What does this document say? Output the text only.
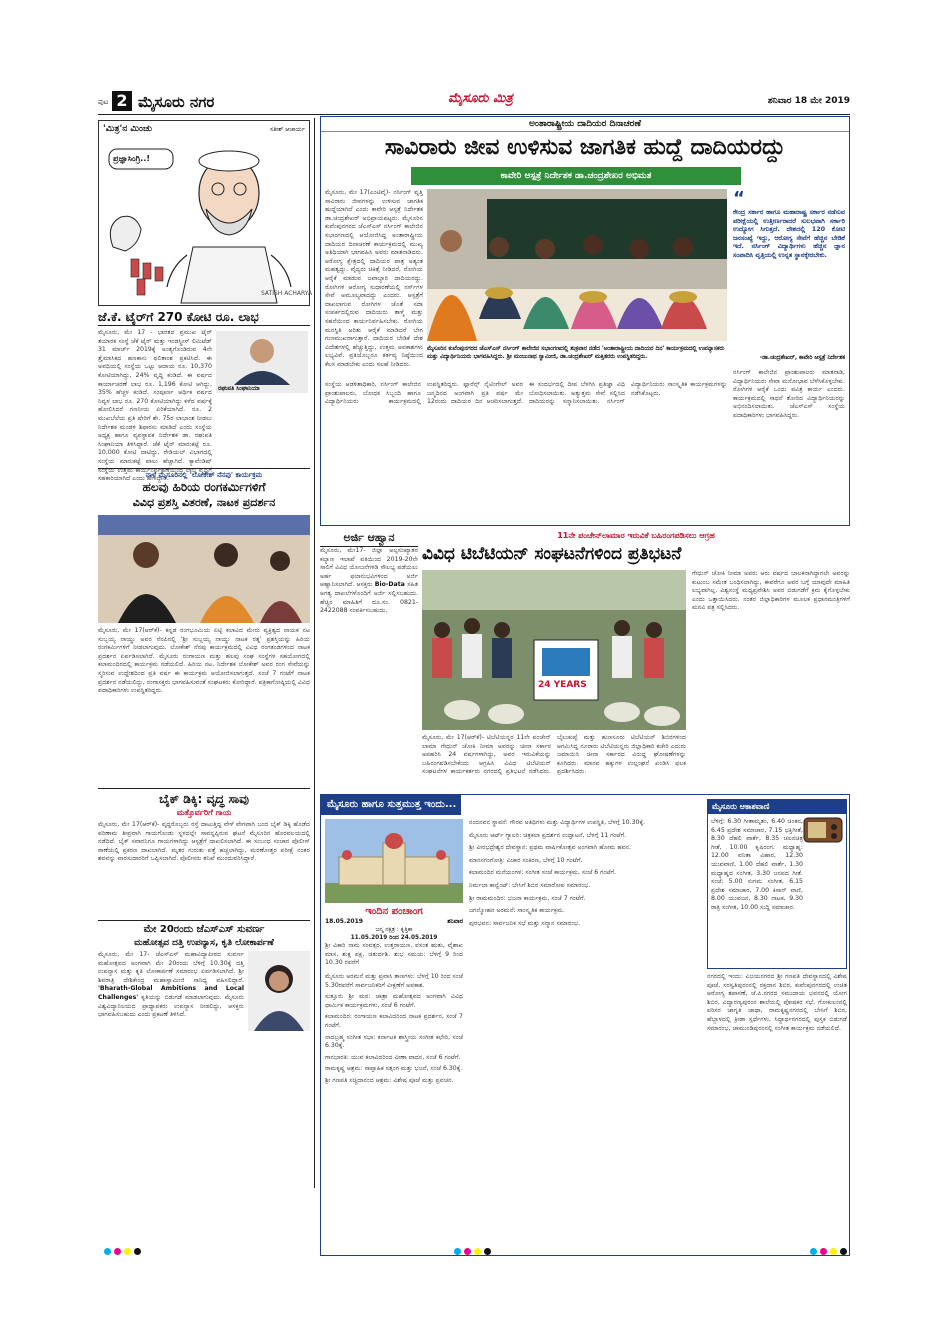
ಪುಟ 2 ಮೈಸೂರು ನಗರ	ಮೈಸೂರು ಮಿತ್ರ	ಶನಿವಾರ 18 ಮೇ 2019
'ಮಿತ್ರ'ನ ಮಿಂಚು	ಸತೀಶ್ ಆಚಾರ್ಯ
SATISH ACHARYA
ಪ್ರಜ್ಞಾಸಿಂಗ್ರಿ..!
ಜೆ.ಕೆ. ಟೈರ್‌ಗೆ 270 ಕೋಟಿ ರೂ. ಲಾಭ
ರಘುಪತಿ ಸಿಂಘಾನಿಯಾ
ಮೈಸೂರು, ಮೇ 17 - ಭಾರತದ ಪ್ರಮುಖ ಟೈರ್ ತಯಾರಕ ಸಂಸ್ಥೆ ಜೆಕೆ ಟೈರ್ ಮತ್ತು ಇಂಡಸ್ಟ್ರೀಸ್ ಲಿಮಿಟೆಡ್ 31 ಮಾರ್ಚ್ 2019ಕ್ಕೆ ಅಂತ್ಯಗೊಂಡಿರುವ 4ನೇ ತ್ರೈಮಾಸಿಕದ ಹಣಕಾಸು ಫಲಿತಾಂಶ ಪ್ರಕಟಿಸಿದೆ. ಈ ಅವಧಿಯಲ್ಲಿ ಸಂಸ್ಥೆಯ ಒಟ್ಟು ಆದಾಯ ರೂ. 10,370 ಕೋಟಿಯಾಗಿದ್ದು, 24% ವೃದ್ಧಿ ಕಂಡಿದೆ. ಈ ವರ್ಷದ ಕಾರ್ಯಾಚರಣೆ ಲಾಭ ರೂ. 1,196 ಕೋಟಿ ಆಗಿದ್ದು, 35% ಹೆಚ್ಚಳ ಕಂಡಿದೆ. ಸಂಪೂರ್ಣ ಆರ್ಥಿಕ ವರ್ಷದ ನಿವ್ವಳ ಲಾಭ ರೂ. 270 ಕೋಟಿಯಾಗಿದ್ದು ಕಳೆದ ವರ್ಷಕ್ಕೆ ಹೋಲಿಸಿದರೆ ಗಣನೀಯ ಏರಿಕೆಯಾಗಿದೆ. ರೂ. 2 ಮುಖಬೆಲೆಯ ಪ್ರತಿ ಷೇರಿಗೆ ಶೇ. 75ರ ಲಾಭಾಂಶ ನೀಡಲು ನಿರ್ದೇಶಕ ಮಂಡಳಿ ಶಿಫಾರಸು ಮಾಡಿದೆ ಎಂದು ಸಂಸ್ಥೆಯ ಅಧ್ಯಕ್ಷ ಹಾಗೂ ವ್ಯವಸ್ಥಾಪಕ ನಿರ್ದೇಶಕ ಡಾ. ರಘುಪತಿ ಸಿಂಘಾನಿಯಾ ತಿಳಿಸಿದ್ದಾರೆ. ಜೆಕೆ ಟೈರ್ ಮಾರುಕಟ್ಟೆ ರೂ. 10,000 ಕೋಟಿ ದಾಟಿದ್ದು, ರೇಡಿಯಲ್ ವಿಭಾಗದಲ್ಲಿ ಸಂಸ್ಥೆಯ ಮಾರುಕಟ್ಟೆ ಪಾಲು ಹೆಚ್ಚಾಗಿದೆ. ಕ್ಯಾವೆಂಡಿಷ್ ಸಂಸ್ಥೆಯ ಉತ್ತಮ ಕಾರ್ಯನಿರ್ವಹಣೆಯಿಂದ ಲಾಭ ವೃದ್ಧಿಗೆ ಸಹಕಾರಿಯಾಗಿದೆ ಎಂದು ಹೇಳಿದ್ದಾರೆ.
ನಾಳೆ ಮೈಸೂರಿನಲ್ಲಿ 'ಲೋಕೇಶ್ ನೆನಪು' ಕಾರ್ಯಕ್ರಮ
ಹಲವು ಹಿರಿಯ ರಂಗಕರ್ಮಿಗಳಿಗೆ
ವಿವಿಧ ಪ್ರಶಸ್ತಿ ವಿತರಣೆ, ನಾಟಕ ಪ್ರದರ್ಶನ
ಮೈಸೂರು, ಮೇ 17(ಆರ್‌ಕೆ)- ಕನ್ನಡ ರಂಗಭೂಮಿಯ ಏಟ್ಟಿ ಕಲಾವಿದ ಮೇರು ವ್ಯಕ್ತಿತ್ವದ ನಾಯಕ ನಟ ಸುಬ್ಬಯ್ಯ ನಾಯ್ಡು ಅವರ ನೆನಪಿನಲ್ಲಿ 'ಶ್ರೀ ಸುಬ್ಬಯ್ಯ ನಾಯ್ಡು ನಾಟಕ ರತ್ನ' ಪ್ರಶಸ್ತಿಯನ್ನು ಹಿರಿಯ ರಂಗಕರ್ಮಿಗಳಿಗೆ ನೀಡಲಾಗುವುದು. ಲೋಕೇಶ್ ನೆನಪು ಕಾರ್ಯಕ್ರಮದಲ್ಲಿ ವಿವಿಧ ರಂಗತಂಡಗಳಿಂದ ನಾಟಕ ಪ್ರದರ್ಶನ ಏರ್ಪಡಿಸಲಾಗಿದೆ. ಮೈಸೂರು ರಂಗಾಯಣ ಮತ್ತು ಹಲವು ಸಂಘ ಸಂಸ್ಥೆಗಳ ಸಹಯೋಗದಲ್ಲಿ ಕಲಾಮಂದಿರದಲ್ಲಿ ಕಾರ್ಯಕ್ರಮ ನಡೆಯಲಿದೆ. ಹಿರಿಯ ನಟ, ನಿರ್ದೇಶಕ ಲೋಕೇಶ್ ಅವರ ರಂಗ ಸೇವೆಯನ್ನು ಸ್ಮರಿಸುವ ಉದ್ದೇಶದಿಂದ ಪ್ರತಿ ವರ್ಷ ಈ ಕಾರ್ಯಕ್ರಮ ಆಯೋಜಿಸಲಾಗುತ್ತದೆ. ಸಂಜೆ 7 ಗಂಟೆಗೆ ನಾಟಕ ಪ್ರದರ್ಶನ ನಡೆಯಲಿದ್ದು, ರಂಗಾಸಕ್ತರು ಭಾಗವಹಿಸುವಂತೆ ಸಂಘಟಕರು ಕೋರಿದ್ದಾರೆ. ಪತ್ರಿಕಾಗೋಷ್ಠಿಯಲ್ಲಿ ವಿವಿಧ ಪದಾಧಿಕಾರಿಗಳು ಉಪಸ್ಥಿತರಿದ್ದರು.
ಬೈಕ್ ಡಿಕ್ಕಿ: ವೃದ್ಧ ಸಾವು
ಮತ್ತೊರ್ವರಿಗೆ ಗಾಯ
ಮೈಸೂರು, ಮೇ 17(ಆರ್‌ಕೆ)- ವೃದ್ಧರೊಬ್ಬರು ರಸ್ತೆ ದಾಟುತ್ತಿದ್ದ ವೇಳೆ ವೇಗವಾಗಿ ಬಂದ ಬೈಕ್ ಡಿಕ್ಕಿ ಹೊಡೆದ ಪರಿಣಾಮ ತೀವ್ರವಾಗಿ ಗಾಯಗೊಂಡು ಸ್ಥಳದಲ್ಲೇ ಸಾವನ್ನಪ್ಪಿರುವ ಘಟನೆ ಮೈಸೂರಿನ ಹೊರವಲಯದಲ್ಲಿ ನಡೆದಿದೆ. ಬೈಕ್ ಸವಾರನಿಗೂ ಗಾಯಗಳಾಗಿದ್ದು ಆಸ್ಪತ್ರೆಗೆ ದಾಖಲಿಸಲಾಗಿದೆ. ಈ ಸಂಬಂಧ ಸಂಚಾರ ಪೊಲೀಸ್ ಠಾಣೆಯಲ್ಲಿ ಪ್ರಕರಣ ದಾಖಲಾಗಿದೆ. ಮೃತರ ಗುರುತು ಪತ್ತೆ ಹಚ್ಚಲಾಗಿದ್ದು, ಮರಣೋತ್ತರ ಪರೀಕ್ಷೆ ನಂತರ ಶವವನ್ನು ವಾರಸುದಾರರಿಗೆ ಒಪ್ಪಿಸಲಾಗಿದೆ. ಪೊಲೀಸರು ತನಿಖೆ ಮುಂದುವರಿಸಿದ್ದಾರೆ.
ಮೇ 20ರಂದು ಜೆಎಸ್‌ಎಸ್ ಸುವರ್ಣ
ಮಹೋತ್ಸವ ದತ್ತಿ ಉಪನ್ಯಾಸ, ಕೃತಿ ಲೋಕಾರ್ಪಣೆ
ಮೈಸೂರು, ಮೇ 17- ಜೆಎಸ್‌ಎಸ್ ಮಹಾವಿದ್ಯಾಪೀಠದ ಸುವರ್ಣ ಮಹೋತ್ಸವದ ಅಂಗವಾಗಿ ಮೇ 20ರಂದು ಬೆಳಿಗ್ಗೆ 10.30ಕ್ಕೆ ದತ್ತಿ ಉಪನ್ಯಾಸ ಮತ್ತು ಕೃತಿ ಲೋಕಾರ್ಪಣೆ ಸಮಾರಂಭ ಏರ್ಪಡಿಸಲಾಗಿದೆ. ಶ್ರೀ ಶಿವರಾತ್ರಿ ದೇಶಿಕೇಂದ್ರ ಮಹಾಸ್ವಾಮೀಜಿ ಸಾನಿಧ್ಯ ವಹಿಸಲಿದ್ದಾರೆ. 'Bharath-Global Ambitions and Local Challenges' ಕೃತಿಯನ್ನು ಬಿಡುಗಡೆ ಮಾಡಲಾಗುವುದು. ಮೈಸೂರು ವಿಶ್ವವಿದ್ಯಾನಿಲಯದ ಪ್ರಾಧ್ಯಾಪಕರು ಉಪನ್ಯಾಸ ನೀಡಲಿದ್ದು, ಆಸಕ್ತರು ಭಾಗವಹಿಸಬಹುದು ಎಂದು ಪ್ರಕಟಣೆ ತಿಳಿಸಿದೆ.
ಅಂತಾರಾಷ್ಟ್ರೀಯ ದಾದಿಯರ ದಿನಾಚರಣೆ
ಸಾವಿರಾರು ಜೀವ ಉಳಿಸುವ ಜಾಗತಿಕ ಹುದ್ದೆ ದಾದಿಯರದ್ದು
ಕಾವೇರಿ ಆಸ್ಪತ್ರೆ ನಿರ್ದೇಶಕ ಡಾ.ಚಂದ್ರಶೇಖರ ಅಭಿಮತ
ಮೈಸೂರು, ಮೇ 17(ಎಂಟಿವೈ)- ನರ್ಸಿಂಗ್ ವೃತ್ತಿ ಸಾವಿರಾರು ಜೀವಗಳನ್ನು ಉಳಿಸುವ ಜಾಗತಿಕ ಹುದ್ದೆಯಾಗಿದೆ ಎಂದು ಕಾವೇರಿ ಆಸ್ಪತ್ರೆ ನಿರ್ದೇಶಕ ಡಾ.ಚಂದ್ರಶೇಖರ್ ಅಭಿಪ್ರಾಯಪಟ್ಟರು. ಮೈಸೂರಿನ ಕುವೆಂಪುನಗರದ ಜೆಎಸ್‌ಎಸ್ ನರ್ಸಿಂಗ್ ಕಾಲೇಜಿನ ಸಭಾಂಗಣದಲ್ಲಿ ಆಯೋಜಿಸಿದ್ದ ಅಂತಾರಾಷ್ಟ್ರೀಯ ದಾದಿಯರ ದಿನಾಚರಣೆ ಕಾರ್ಯಕ್ರಮದಲ್ಲಿ ಮುಖ್ಯ ಅತಿಥಿಯಾಗಿ ಭಾಗವಹಿಸಿ ಅವರು ಮಾತನಾಡಿದರು. ಆರೋಗ್ಯ ಕ್ಷೇತ್ರದಲ್ಲಿ ದಾದಿಯರ ಪಾತ್ರ ಅತ್ಯಂತ ಮಹತ್ವದ್ದು. ವೈದ್ಯರು ಚಿಕಿತ್ಸೆ ನೀಡಿದರೆ, ರೋಗಿಯ ಆರೈಕೆ ಮಾಡುವ ಜವಾಬ್ದಾರಿ ದಾದಿಯರದ್ದು. ರೋಗಿಗಳ ಆರೋಗ್ಯ ಸುಧಾರಣೆಯಲ್ಲಿ ನರ್ಸ್‌ಗಳ ಸೇವೆ ಅಮೂಲ್ಯವಾದದ್ದು ಎಂದರು. ಆಸ್ಪತ್ರೆಗೆ ದಾಖಲಾಗುವ ರೋಗಿಗಳ ಜೊತೆ ಸದಾ ಸಂಪರ್ಕದಲ್ಲಿರುವ ದಾದಿಯರು ತಾಳ್ಮೆ ಮತ್ತು ಸಹನೆಯಿಂದ ಕಾರ್ಯನಿರ್ವಹಿಸಬೇಕು. ರೋಗಿಯ ಮನಸ್ಥಿತಿ ಅರಿತು ಆರೈಕೆ ಮಾಡಿದರೆ ಬೇಗ ಗುಣಮುಖರಾಗುತ್ತಾರೆ. ದಾದಿಯರ ಬೇಡಿಕೆ ದೇಶ ವಿದೇಶಗಳಲ್ಲಿ ಹೆಚ್ಚುತ್ತಿದ್ದು, ಉತ್ತಮ ಅವಕಾಶಗಳು ಲಭ್ಯವಿವೆ. ಪ್ರತಿಯೊಬ್ಬರೂ ಕರ್ತವ್ಯ ನಿಷ್ಠೆಯಿಂದ ಕೆಲಸ ಮಾಡಬೇಕು ಎಂದು ಸಲಹೆ ನೀಡಿದರು.
ಮೈಸೂರಿನ ಕುವೆಂಪುನಗರದ ಜೆಎಸ್‌ಎಸ್ ನರ್ಸಿಂಗ್ ಕಾಲೇಜಿನ ಸಭಾಂಗಣದಲ್ಲಿ ಶುಕ್ರವಾರ ನಡೆದ 'ಅಂತಾರಾಷ್ಟ್ರೀಯ ದಾದಿಯರ ದಿನ' ಕಾರ್ಯಕ್ರಮದಲ್ಲಿ ಉಪನ್ಯಾಸಕರು ಮತ್ತು ವಿದ್ಯಾರ್ಥಿನಿಯರು ಭಾಗವಹಿಸಿದ್ದರು. ಶ್ರೀ ಮಂಜುನಾಥ ಸ್ವಾಮೀಜಿ, ಡಾ.ಚಂದ್ರಶೇಖರ್ ಮತ್ತಿತರರು ಉಪಸ್ಥಿತರಿದ್ದರು.
ಸಂಸ್ಥೆಯ ಆಡಳಿತಾಧಿಕಾರಿ, ನರ್ಸಿಂಗ್ ಕಾಲೇಜಿನ ಪ್ರಾಂಶುಪಾಲರು, ಬೋಧಕ ಸಿಬ್ಬಂದಿ ಹಾಗೂ ವಿದ್ಯಾರ್ಥಿನಿಯರು ಕಾರ್ಯಕ್ರಮದಲ್ಲಿ ಉಪಸ್ಥಿತರಿದ್ದರು. ಫ್ಲಾರೆನ್ಸ್ ನೈಟಿಂಗೇಲ್ ಅವರ ಜನ್ಮದಿನದ ಅಂಗವಾಗಿ ಪ್ರತಿ ವರ್ಷ ಮೇ 12ರಂದು ದಾದಿಯರ ದಿನ ಆಚರಿಸಲಾಗುತ್ತದೆ. ಈ ಸಂದರ್ಭದಲ್ಲಿ ದೀಪ ಬೆಳಗಿಸಿ ಪ್ರತಿಜ್ಞಾ ವಿಧಿ ಬೋಧಿಸಲಾಯಿತು. ಅತ್ಯುತ್ತಮ ಸೇವೆ ಸಲ್ಲಿಸಿದ ದಾದಿಯರನ್ನು ಸನ್ಮಾನಿಸಲಾಯಿತು. ನರ್ಸಿಂಗ್ ವಿದ್ಯಾರ್ಥಿನಿಯರು ಸಾಂಸ್ಕೃತಿಕ ಕಾರ್ಯಕ್ರಮಗಳನ್ನು ನಡೆಸಿಕೊಟ್ಟರು.
“
ಕೇಂದ್ರ ಸರ್ಕಾರ ಹಾಗೂ ಮಹಾರಾಷ್ಟ್ರ ಸರ್ಕಾರ ನಡೆಸುವ ಪರೀಕ್ಷೆಯಲ್ಲಿ ಉತ್ತೀರ್ಣರಾದರೆ ಸುಲಭವಾಗಿ ಸರ್ಕಾರಿ ಉದ್ಯೋಗ ಸಿಗುತ್ತದೆ. ದೇಶದಲ್ಲಿ 120 ಕೋಟಿ ಜನಸಂಖ್ಯೆ ಇದ್ದು, ಆರೋಗ್ಯ ಸೇವೆಗೆ ಹೆಚ್ಚಿನ ಬೇಡಿಕೆ ಇದೆ. ನರ್ಸಿಂಗ್ ವಿದ್ಯಾರ್ಥಿಗಳು ಹೆಚ್ಚಿನ ಜ್ಞಾನ ಸಂಪಾದಿಸಿ ವೃತ್ತಿಯಲ್ಲಿ ಉನ್ನತ ಸ್ಥಾನಕ್ಕೇರಬೇಕು.
-ಡಾ.ಚಂದ್ರಶೇಖರ್, ಕಾವೇರಿ ಆಸ್ಪತ್ರೆ ನಿರ್ದೇಶಕ
ನರ್ಸಿಂಗ್ ಕಾಲೇಜಿನ ಪ್ರಾಂಶುಪಾಲರು ಮಾತನಾಡಿ, ವಿದ್ಯಾರ್ಥಿನಿಯರು ಸೇವಾ ಮನೋಭಾವ ಬೆಳೆಸಿಕೊಳ್ಳಬೇಕು. ರೋಗಿಗಳ ಆರೈಕೆ ಒಂದು ಪವಿತ್ರ ಕಾರ್ಯ ಎಂದರು. ಕಾರ್ಯಕ್ರಮದಲ್ಲಿ ಸಾಧನೆ ತೋರಿದ ವಿದ್ಯಾರ್ಥಿನಿಯರನ್ನು ಅಭಿನಂದಿಸಲಾಯಿತು. ಜೆಎಸ್‌ಎಸ್ ಸಂಸ್ಥೆಯ ಪದಾಧಿಕಾರಿಗಳು ಭಾಗವಹಿಸಿದ್ದರು.
ಅರ್ಜಿ ಆಹ್ವಾನ
ಮೈಸೂರು, ಮೇ17- ಜಿಲ್ಲಾ ಅಲ್ಪಸಂಖ್ಯಾತರ ಕಲ್ಯಾಣ ಇಲಾಖೆ ವತಿಯಿಂದ 2019-20ನೇ ಸಾಲಿಗೆ ವಿವಿಧ ಯೋಜನೆಗಳಡಿ ಸೌಲಭ್ಯ ಪಡೆಯಲು ಅರ್ಹ ಫಲಾನುಭವಿಗಳಿಂದ ಅರ್ಜಿ ಆಹ್ವಾನಿಸಲಾಗಿದೆ. ಆಸಕ್ತರು Bio-Data ಸಹಿತ ಅಗತ್ಯ ದಾಖಲೆಗಳೊಂದಿಗೆ ಅರ್ಜಿ ಸಲ್ಲಿಸಬಹುದು. ಹೆಚ್ಚಿನ ಮಾಹಿತಿಗೆ ದೂ.ಸಂ. 0821-2422088 ಸಂಪರ್ಕಿಸಬಹುದು.
11ನೇ ಪಂಚೇನ್‌ಲಾಮಾರ ಇರುವಿಕೆ ಬಹಿರಂಗಪಡಿಸಲು ಆಗ್ರಹ
ವಿವಿಧ ಟಿಬೆಟಿಯನ್ ಸಂಘಟನೆಗಳಿಂದ ಪ್ರತಿಭಟನೆ
24 YEARS
ಮೈಸೂರು, ಮೇ 17(ಆರ್‌ಕೆ)- ಟಿಬೆಟಿಯನ್ನರ 11ನೇ ಪಂಚೇನ್ ಲಾಮಾ ಗೇಧುನ್ ಚೋಕಿ ನೀಮಾ ಅವರನ್ನು ಚೀನಾ ಸರ್ಕಾರ ಅಪಹರಿಸಿ 24 ವರ್ಷಗಳಾಗಿದ್ದು, ಅವರ ಇರುವಿಕೆಯನ್ನು ಬಹಿರಂಗಪಡಿಸಬೇಕೆಂದು ಆಗ್ರಹಿಸಿ ವಿವಿಧ ಟಿಬೆಟಿಯನ್ ಸಂಘಟನೆಗಳ ಕಾರ್ಯಕರ್ತರು ನಗರದಲ್ಲಿ ಪ್ರತಿಭಟನೆ ನಡೆಸಿದರು. ಬೈಲುಕುಪ್ಪೆ ಮತ್ತು ಹುಣಸೂರು ಟಿಬೆಟಿಯನ್ ಶಿಬಿರಗಳಿಂದ ಆಗಮಿಸಿದ್ದ ನೂರಾರು ಟಿಬೆಟಿಯನ್ನರು ಜಿಲ್ಲಾಧಿಕಾರಿ ಕಚೇರಿ ಎದುರು ಜಮಾಯಿಸಿ ಚೀನಾ ಸರ್ಕಾರದ ವಿರುದ್ಧ ಘೋಷಣೆಗಳನ್ನು ಕೂಗಿದರು. ಮಾನವ ಹಕ್ಕುಗಳ ಉಲ್ಲಂಘನೆ ಖಂಡಿಸಿ ಫಲಕ ಪ್ರದರ್ಶಿಸಿದರು.
ಗೇಧುನ್ ಚೋಕಿ ನೀಮಾ ಅವರು ಆರು ವರ್ಷದ ಬಾಲಕನಾಗಿದ್ದಾಗಲೇ ಅವರನ್ನು ಕುಟುಂಬ ಸಮೇತ ಬಂಧಿಸಲಾಗಿದ್ದು, ಈವರೆಗೂ ಅವರ ಬಗ್ಗೆ ಯಾವುದೇ ಮಾಹಿತಿ ಲಭ್ಯವಾಗಿಲ್ಲ. ವಿಶ್ವಸಂಸ್ಥೆ ಮಧ್ಯಪ್ರವೇಶಿಸಿ ಅವರ ಬಿಡುಗಡೆಗೆ ಕ್ರಮ ಕೈಗೊಳ್ಳಬೇಕು ಎಂದು ಒತ್ತಾಯಿಸಿದರು. ನಂತರ ಜಿಲ್ಲಾಧಿಕಾರಿಗಳ ಮೂಲಕ ಪ್ರಧಾನಮಂತ್ರಿಗಳಿಗೆ ಮನವಿ ಪತ್ರ ಸಲ್ಲಿಸಿದರು.
ಮೈಸೂರು ಹಾಗೂ ಸುತ್ತಮುತ್ತ ಇಂದು...
ಇಂದಿನ ಪಂಚಾಂಗ
18.05.2019	ಶನಿವಾರ
ಜನ್ಮ ನಕ್ಷತ್ರ : ಕೃತ್ತಿಕಾ
11.05.2019 ರಿಂದ 24.05.2019
ಶ್ರೀ ವಿಕಾರಿ ನಾಮ ಸಂವತ್ಸರ, ಉತ್ತರಾಯಣ, ವಸಂತ ಋತು, ವೈಶಾಖ ಮಾಸ, ಶುಕ್ಲ ಪಕ್ಷ, ಚತುರ್ದಶಿ. ಶುಭ ಸಮಯ: ಬೆಳಗ್ಗೆ 9 ರಿಂದ 10.30 ರವರೆಗೆ
ಮೈಸೂರು ಅರಮನೆ ಮತ್ತು ಪ್ರವಾಸಿ ತಾಣಗಳು: ಬೆಳಗ್ಗೆ 10 ರಿಂದ ಸಂಜೆ 5.30ರವರೆಗೆ ಸಾರ್ವಜನಿಕರಿಗೆ ವೀಕ್ಷಣೆಗೆ ಅವಕಾಶ.
ಸುತ್ತೂರು ಶ್ರೀ ಮಠ: ಜಾತ್ರಾ ಮಹೋತ್ಸವದ ಅಂಗವಾಗಿ ವಿವಿಧ ಧಾರ್ಮಿಕ ಕಾರ್ಯಕ್ರಮಗಳು, ಸಂಜೆ 6 ಗಂಟೆಗೆ.
ಕಲಾಮಂದಿರ: ರಂಗಾಯಣ ಕಲಾವಿದರಿಂದ ನಾಟಕ ಪ್ರದರ್ಶನ, ಸಂಜೆ 7 ಗಂಟೆಗೆ.
ನಾದಬ್ರಹ್ಮ ಸಂಗೀತ ಸಭಾ: ಕರ್ನಾಟಕ ಶಾಸ್ತ್ರೀಯ ಸಂಗೀತ ಕಛೇರಿ, ಸಂಜೆ 6.30ಕ್ಕೆ.
ಗಾನಭಾರತಿ: ಯುವ ಕಲಾವಿದರಿಂದ ವೀಣಾ ವಾದನ, ಸಂಜೆ 6 ಗಂಟೆಗೆ.
ರಾಮಕೃಷ್ಣ ಆಶ್ರಮ: ಸಾಪ್ತಾಹಿಕ ಸತ್ಸಂಗ ಮತ್ತು ಭಜನೆ, ಸಂಜೆ 6.30ಕ್ಕೆ.
ಶ್ರೀ ಗಣಪತಿ ಸಚ್ಚಿದಾನಂದ ಆಶ್ರಮ: ವಿಶೇಷ ಪೂಜೆ ಮತ್ತು ಪ್ರವಚನ.
ನಂದನವನ ಸ್ಥಾಪನೆ: ಗೌರವ ಅತಿಥಿಗಳು ಮತ್ತು ವಿದ್ಯಾರ್ಥಿಗಳ ಉಪಸ್ಥಿತಿ, ಬೆಳಗ್ಗೆ 10.30ಕ್ಕೆ.
ಮೈಸೂರು ಆರ್ಟ್ ಗ್ಯಾಲರಿ: ಚಿತ್ರಕಲಾ ಪ್ರದರ್ಶನ ಉದ್ಘಾಟನೆ, ಬೆಳಗ್ಗೆ 11 ಗಂಟೆಗೆ.
ಶ್ರೀ ವೀರಭದ್ರೇಶ್ವರ ದೇವಸ್ಥಾನ: ಪ್ರಥಮ ವಾರ್ಷಿಕೋತ್ಸವ ಅಂಗವಾಗಿ ಹೋಮ ಹವನ.
ಮಾನಸಗಂಗೋತ್ರಿ: ವಿಚಾರ ಸಂಕಿರಣ, ಬೆಳಗ್ಗೆ 10 ಗಂಟೆಗೆ.
ಕಲಾಮಂದಿರ ಮನೆಯಂಗಳ: ಸಂಗೀತ ಸಂಜೆ ಕಾರ್ಯಕ್ರಮ, ಸಂಜೆ 6 ಗಂಟೆಗೆ.
ನಿರ್ಮಲಾ ಕಾನ್ವೆಂಟ್: ಬೇಸಿಗೆ ಶಿಬಿರ ಸಮಾರೋಪ ಸಮಾರಂಭ.
ಶ್ರೀ ರಾಮಮಂದಿರ: ಭಜನಾ ಕಾರ್ಯಕ್ರಮ, ಸಂಜೆ 7 ಗಂಟೆಗೆ.
ಜಗನ್ಮೋಹನ ಅರಮನೆ: ಸಾಂಸ್ಕೃತಿಕ ಕಾರ್ಯಕ್ರಮ.
ಪುರಭವನ: ಸಾರ್ವಜನಿಕ ಸಭೆ ಮತ್ತು ಸನ್ಮಾನ ಸಮಾರಂಭ.
ಮೈಸೂರು ಆಕಾಶವಾಣಿ
ಬೆಳಿಗ್ಗೆ: 6.30 ಗೀತಾಮೃತಂ, 6.40 ಚಿಂತನ, 6.45 ಪ್ರದೇಶ ಸಮಾಚಾರ, 7.15 ಭಕ್ತಿಗೀತೆ, 8.30 ದೆಹಲಿ ವಾರ್ತೆ, 8.35 ಚಲನಚಿತ್ರ ಗೀತೆ, 10.00 ಕೃಷಿರಂಗ. ಮಧ್ಯಾಹ್ನ: 12.00 ವನಿತಾ ವಿಹಾರ, 12.30 ಯುವವಾಣಿ, 1.00 ದೆಹಲಿ ವಾರ್ತೆ, 1.30 ಮಧ್ಯಾಹ್ನದ ಸಂಗೀತ, 3.30 ಜನಪದ ಗೀತೆ. ಸಂಜೆ: 5.00 ಸುಗಮ ಸಂಗೀತ, 6.15 ಪ್ರದೇಶ ಸಮಾಚಾರ, 7.00 ಕಿಸಾನ್ ವಾಣಿ, 8.00 ಯುವಜನ, 8.30 ನಾಟಕ, 9.30 ರಾತ್ರಿ ಸಂಗೀತ, 10.00 ಸುದ್ದಿ ಸಮಾಚಾರ.
ನಗರದಲ್ಲಿ ಇಂದು: ವಿಜಯನಗರದ ಶ್ರೀ ಗಣಪತಿ ದೇವಸ್ಥಾನದಲ್ಲಿ ವಿಶೇಷ ಪೂಜೆ, ಸರಸ್ವತಿಪುರಂನಲ್ಲಿ ರಕ್ತದಾನ ಶಿಬಿರ, ಕುವೆಂಪುನಗರದಲ್ಲಿ ಉಚಿತ ಆರೋಗ್ಯ ತಪಾಸಣೆ, ಜೆ.ಪಿ.ನಗರದ ಸಮುದಾಯ ಭವನದಲ್ಲಿ ಯೋಗ ಶಿಬಿರ, ವಿದ್ಯಾರಣ್ಯಪುರಂನ ಶಾಲೆಯಲ್ಲಿ ಪೋಷಕರ ಸಭೆ, ಗೋಕುಲಂನಲ್ಲಿ ಪರಿಸರ ಜಾಗೃತಿ ಜಾಥಾ, ರಾಮಕೃಷ್ಣನಗರದಲ್ಲಿ ಬೇಸಿಗೆ ಶಿಬಿರ, ಹೆಬ್ಬಾಳದಲ್ಲಿ ಕ್ರೀಡಾ ಸ್ಪರ್ಧೆಗಳು, ಸಿದ್ಧಾರ್ಥನಗರದಲ್ಲಿ ಪುಸ್ತಕ ಬಿಡುಗಡೆ ಸಮಾರಂಭ, ಚಾಮುಂಡಿಪುರಂನಲ್ಲಿ ಸಂಗೀತ ಕಾರ್ಯಕ್ರಮ ನಡೆಯಲಿದೆ.
